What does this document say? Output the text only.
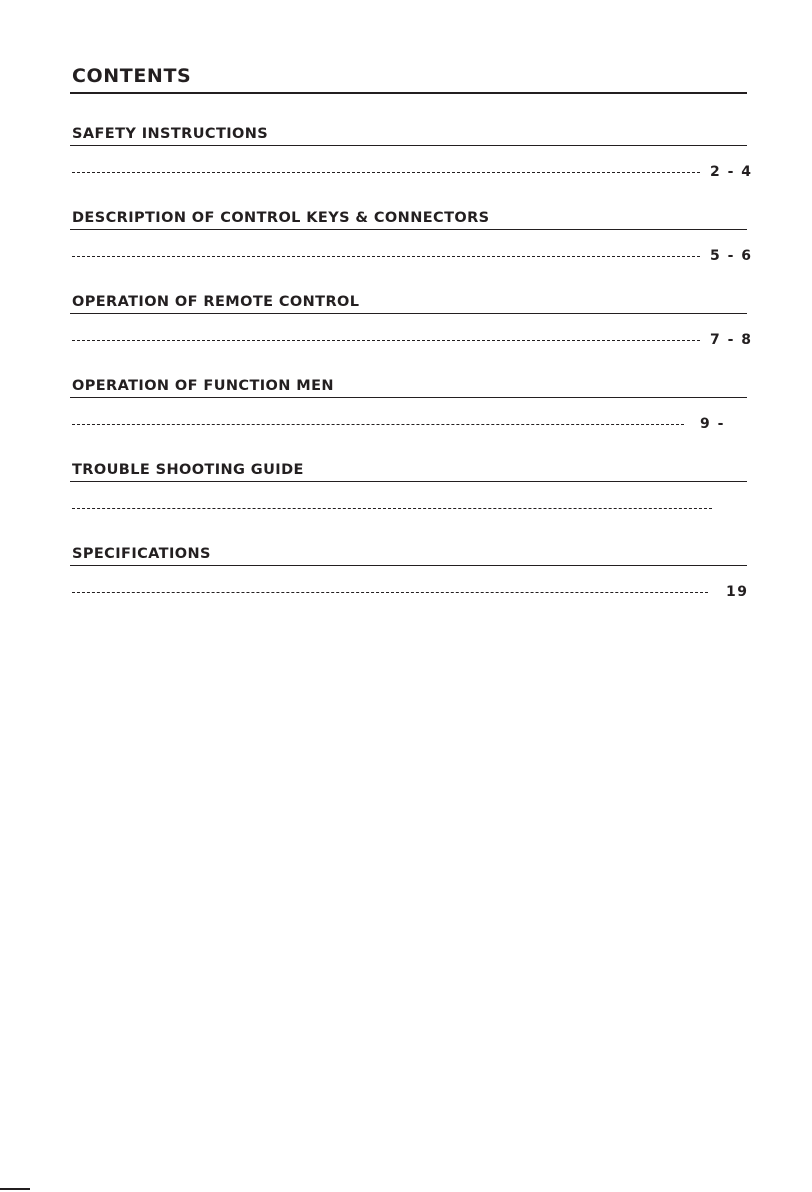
CONTENTS
SAFETY INSTRUCTIONS
2 - 4
DESCRIPTION OF CONTROL KEYS & CONNECTORS
5 - 6
OPERATION OF REMOTE CONTROL
7 - 8
OPERATION OF FUNCTION MEN
9 -
TROUBLE SHOOTING GUIDE
SPECIFICATIONS
19
